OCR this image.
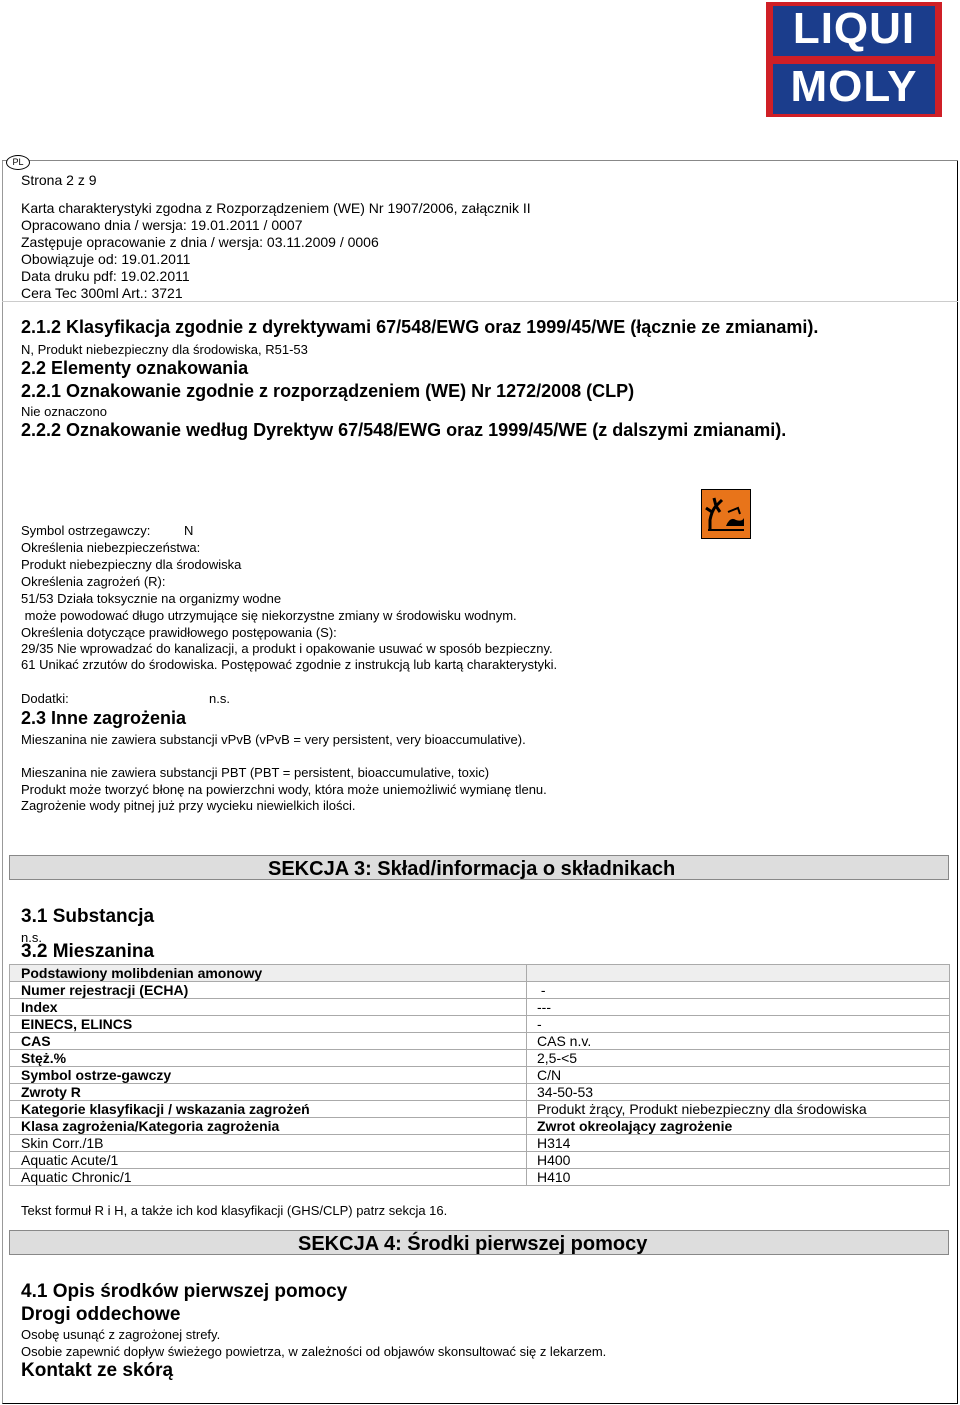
LIQUI
MOLY
PL
Strona 2 z 9
Karta charakterystyki zgodna z Rozporządzeniem (WE) Nr 1907/2006, załącznik II
Opracowano dnia / wersja: 19.01.2011 / 0007
Zastępuje opracowanie z dnia / wersja: 03.11.2009 / 0006
Obowiązuje od: 19.01.2011
Data druku pdf: 19.02.2011
Cera Tec 300ml Art.: 3721
2.1.2 Klasyfikacja zgodnie z dyrektywami 67/548/EWG oraz 1999/45/WE (łącznie ze zmianami).
N, Produkt niebezpieczny dla środowiska, R51-53
2.2 Elementy oznakowania
2.2.1 Oznakowanie zgodnie z rozporządzeniem (WE) Nr 1272/2008 (CLP)
Nie oznaczono
2.2.2 Oznakowanie według Dyrektyw 67/548/EWG oraz 1999/45/WE (z dalszymi zmianami).
Symbol ostrzegawczy:	N
Określenia niebezpieczeństwa:
Produkt niebezpieczny dla środowiska
Określenia zagrożeń (R):
51/53 Działa toksycznie na organizmy wodne
może powodować długo utrzymujące się niekorzystne zmiany w środowisku wodnym.
Określenia dotyczące prawidłowego postępowania (S):
29/35 Nie wprowadzać do kanalizacji, a produkt i opakowanie usuwać w sposób bezpieczny.
61 Unikać zrzutów do środowiska. Postępować zgodnie z instrukcją lub kartą charakterystyki.
Dodatki:	n.s.
2.3 Inne zagrożenia
Mieszanina nie zawiera substancji vPvB (vPvB = very persistent, very bioaccumulative).
Mieszanina nie zawiera substancji PBT (PBT = persistent, bioaccumulative, toxic)
Produkt może tworzyć błonę na powierzchni wody, która może uniemożliwić wymianę tlenu.
Zagrożenie wody pitnej już przy wycieku niewielkich ilości.
SEKCJA 3: Skład/informacja o składnikach
3.1 Substancja
n.s.
3.2 Mieszanina
Podstawiony molibdenian amonowy	
Numer rejestracji (ECHA)	-
Index	---
EINECS, ELINCS	-
CAS	CAS n.v.
Stęż.%	2,5-<5
Symbol ostrze-gawczy	C/N
Zwroty R	34-50-53
Kategorie klasyfikacji / wskazania zagrożeń	Produkt żrący, Produkt niebezpieczny dla środowiska
Klasa zagrożenia/Kategoria zagrożenia	Zwrot okreolający zagrożenie
Skin Corr./1B	H314
Aquatic Acute/1	H400
Aquatic Chronic/1	H410
Tekst formuł R i H, a także ich kod klasyfikacji (GHS/CLP) patrz sekcja 16.
SEKCJA 4: Środki pierwszej pomocy
4.1 Opis środków pierwszej pomocy
Drogi oddechowe
Osobę usunąć z zagrożonej strefy.
Osobie zapewnić dopływ świeżego powietrza, w zależności od objawów skonsultować się z lekarzem.
Kontakt ze skórą
